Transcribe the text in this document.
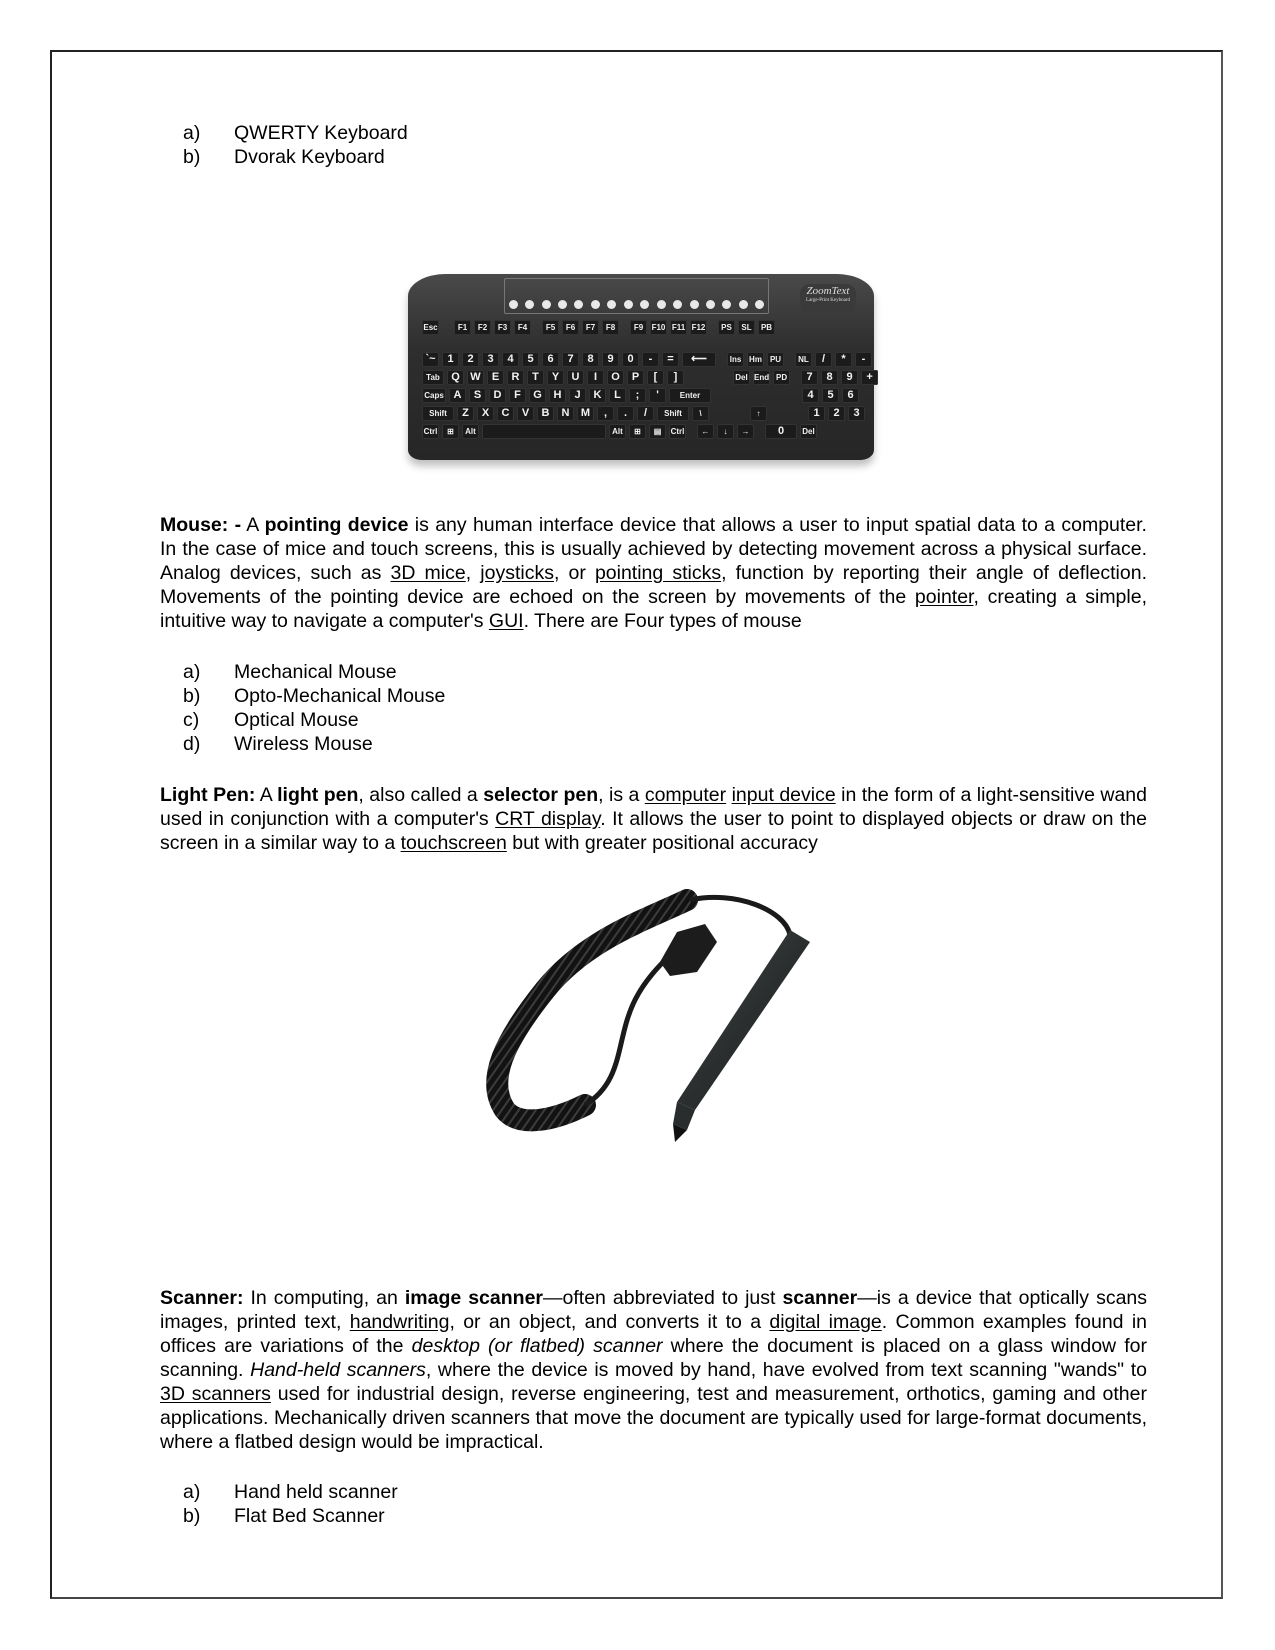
a) QWERTY Keyboard
b) Dvorak Keyboard
ZoomText
Large-Print Keyboard
Esc	F1	F2	F3	F4	F5	F6	F7	F8	F9	F10 F11 F12	PS	SL	PB
`~	1	2	3	4	5	6	7	8	9	0	-	=	⟵	Ins Hm	PU	NL	/	*	-
Tab	Q W	E	R	T	Y	U	I	O	P	[	]	Del End PD	7	8	9	+
Caps A	S	D	F	G	H	J	K	L	;	'	Enter	4	5	6
Shift	Z	X	C	V	B	N	M	,	.	/	Shift	\	↑	1	2	3
Ctrl	⊞	Alt	Alt	⊞	▤	Ctrl	←	↓	→	0	Del

Mouse: - A pointing device is any human interface device that allows a user to input spatial data to a computer. In the case of mice and touch screens, this is usually achieved by detecting movement across a physical surface. Analog devices, such as 3D mice, joysticks, or pointing sticks, function by reporting their angle of deflection. Movements of the pointing device are echoed on the screen by movements of the pointer, creating a simple, intuitive way to navigate a computer's GUI. There are Four types of mouse

a) Mechanical Mouse
b) Opto-Mechanical Mouse
c) Optical Mouse
d) Wireless Mouse

Light Pen: A light pen, also called a selector pen, is a computer input device in the form of a light-sensitive wand used in conjunction with a computer's CRT display. It allows the user to point to displayed objects or draw on the screen in a similar way to a touchscreen but with greater positional accuracy

Scanner: In computing, an image scanner—often abbreviated to just scanner—is a device that optically scans images, printed text, handwriting, or an object, and converts it to a digital image. Common examples found in offices are variations of the desktop (or flatbed) scanner where the document is placed on a glass window for scanning. Hand-held scanners, where the device is moved by hand, have evolved from text scanning "wands" to 3D scanners used for industrial design, reverse engineering, test and measurement, orthotics, gaming and other applications. Mechanically driven scanners that move the document are typically used for large-format documents, where a flatbed design would be impractical.

a) Hand held scanner
b) Flat Bed Scanner
